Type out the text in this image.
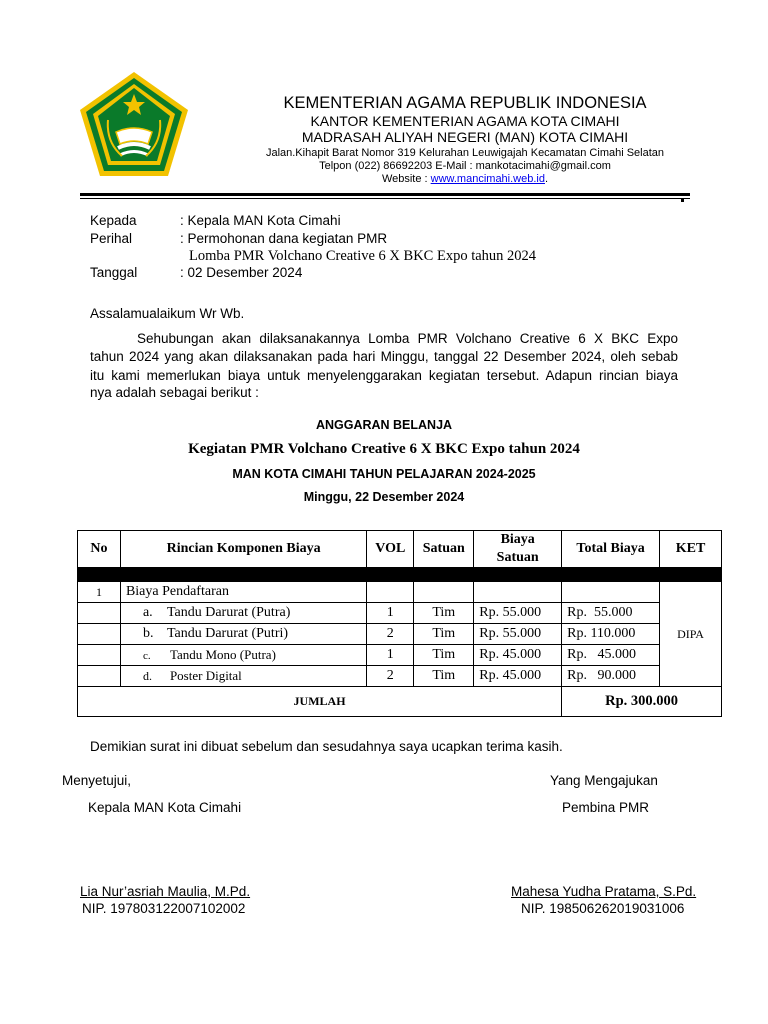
KEMENTERIAN AGAMA REPUBLIK INDONESIA
KANTOR KEMENTERIAN AGAMA KOTA CIMAHI
MADRASAH ALIYAH NEGERI (MAN) KOTA CIMAHI
Jalan.Kihapit Barat Nomor 319 Kelurahan Leuwigajah Kecamatan Cimahi Selatan
Telpon (022) 86692203 E-Mail : mankotacimahi@gmail.com
Website : www.mancimahi.web.id.
Kepada	: Kepala MAN Kota Cimahi
Perihal	: Permohonan dana kegiatan PMR
Lomba PMR Volchano Creative 6 X BKC Expo tahun 2024
Tanggal	: 02 Desember 2024
Assalamualaikum Wr Wb.
Sehubungan akan dilaksanakannya Lomba PMR Volchano Creative 6 X BKC Expo
tahun 2024 yang akan dilaksanakan pada hari Minggu, tanggal 22 Desember 2024, oleh sebab
itu kami memerlukan biaya untuk menyelenggarakan kegiatan tersebut. Adapun rincian biaya
nya adalah sebagai berikut :
ANGGARAN BELANJA
Kegiatan PMR Volchano Creative 6 X BKC Expo tahun 2024
MAN KOTA CIMAHI TAHUN PELAJARAN 2024-2025
Minggu, 22 Desember 2024
No	Rincian Komponen Biaya	VOL	Satuan	Biaya Satuan	Total Biaya	KET

1	Biaya Pendaftaran					DIPA
	a. Tandu Darurat (Putra)	1	Tim	Rp. 55.000	Rp.  55.000	
	b. Tandu Darurat (Putri)	2	Tim	Rp. 55.000	Rp. 110.000	
	c. Tandu Mono (Putra)	1	Tim	Rp. 45.000	Rp.   45.000	
	d. Poster Digital	2	Tim	Rp. 45.000	Rp.   90.000	
JUMLAH					Rp. 300.000	
Demikian surat ini dibuat sebelum dan sesudahnya saya ucapkan terima kasih.
Menyetujui,
Kepala MAN Kota Cimahi
Lia Nur’asriah Maulia, M.Pd.
NIP. 197803122007102002
Yang Mengajukan
Pembina PMR
Mahesa Yudha Pratama, S.Pd.
NIP. 198506262019031006
